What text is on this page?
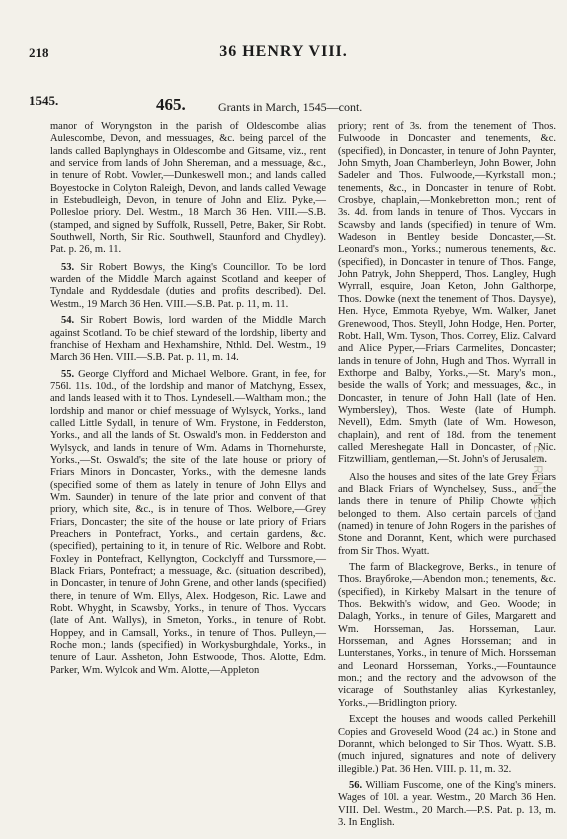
218	36 HENRY VIII.
1545.	465.	Grants in March, 1545—cont.

manor of Woryngston in the parish of Oldescombe alias Aulescombe, Devon, and messuages, &c. being parcel of the lands called Baplynghays in Oldescombe and Gitsame, viz., rent and service from lands of John Shereman, and a messuage, &c., in tenure of Robt. Vowler,—Dunkeswell mon.; and lands called Boyestocke in Colyton Raleigh, Devon, and lands called Vewage in Estebudleigh, Devon, in tenure of John and Eliz. Pyke,—Pollesloe priory. Del. Westm., 18 March 36 Hen. VIII.—S.B. (stamped, and signed by Suffolk, Russell, Petre, Baker, Sir Robt. Southwell, North, Sir Ric. Southwell, Staunford and Chydley). Pat. p. 26, m. 11.

53. Sir Robert Bowys, the King's Councillor. To be lord warden of the Middle March against Scotland and keeper of Tyndale and Ryddesdale (duties and profits described). Del. Westm., 19 March 36 Hen. VIII.—S.B. Pat. p. 11, m. 11.

54. Sir Robert Bowis, lord warden of the Middle March against Scotland. To be chief steward of the lordship, liberty and franchise of Hexham and Hexhamshire, Nthld. Del. Westm., 19 March 36 Hen. VIII.—S.B. Pat. p. 11, m. 14.

55. George Clyfford and Michael Welbore. Grant, in fee, for 756l. 11s. 10d., of the lordship and manor of Matchyng, Essex, and lands leased with it to Thos. Lyndesell.—Waltham mon.; the lordship and manor or chief messuage of Wylsyck, Yorks., land called Little Sydall, in tenure of Wm. Frystone, in Fedderston, Yorks., and all the lands of St. Oswald's mon. in Fedderston and Wylsyck, and lands in tenure of Wm. Adams in Thornehurste, Yorks.,—St. Oswald's; the site of the late house or priory of Friars Minors in Doncaster, Yorks., with the demesne lands (specified some of them as lately in tenure of John Ellys and Wm. Saunder) in tenure of the late prior and convent of that priory, which site, &c., is in tenure of Thos. Welbore,—Grey Friars, Doncaster; the site of the house or late priory of Friars Preachers in Pontefract, Yorks., and certain gardens, &c. (specified), pertaining to it, in tenure of Ric. Welbore and Robt. Foxley in Pontefract, Kellyngton, Cockclyff and Turssmore,—Black Friars, Pontefract; a messuage, &c. (situation described), in Doncaster, in tenure of John Grene, and other lands (specified) there, in tenure of Wm. Ellys, Alex. Hodgeson, Ric. Lawe and Robt. Whyght, in Scawsby, Yorks., in tenure of Thos. Vyccars (late of Ant. Wallys), in Smeton, Yorks., in tenure of Robt. Hoppey, and in Camsall, Yorks., in tenure of Thos. Pulleyn,—Roche mon.; lands (specified) in Workysburghdale, Yorks., in tenure of Laur. Assheton, John Estwoode, Thos. Alotte, Edm. Parker, Wm. Wylcok and Wm. Alotte,—Appleton

priory; rent of 3s. from the tenement of Thos. Fulwoode in Doncaster and tenements, &c. (specified), in Doncaster, in tenure of John Paynter, John Smyth, Joan Chamberleyn, John Bower, John Sadeler and Thos. Fulwoode,—Kyrkstall mon.; tenements, &c., in Doncaster in tenure of Robt. Crosbye, chaplain,—Monkebretton mon.; rent of 3s. 4d. from lands in tenure of Thos. Vyccars in Scawsby and lands (specified) in tenure of Wm. Wadeson in Bentley beside Doncaster,—St. Leonard's mon., Yorks.; numerous tenements, &c. (specified), in Doncaster in tenure of Thos. Fange, John Patryk, John Shepperd, Thos. Langley, Hugh Wyrrall, esquire, Joan Keton, John Galthorpe, Thos. Dowke (next the tenement of Thos. Daysye), Hen. Hyce, Emmota Ryebye, Wm. Walker, Janet Grenewood, Thos. Steyll, John Hodge, Hen. Porter, Robt. Hall, Wm. Tyson, Thos. Correy, Eliz. Calvard and Alice Pyper,—Friars Carmelites, Doncaster; lands in tenure of John, Hugh and Thos. Wyrrall in Exthorpe and Balby, Yorks.,—St. Mary's mon., beside the walls of York; and messuages, &c., in Doncaster, in tenure of John Hall (late of Hen. Wymbersley), Thos. Weste (late of Humph. Nevell), Edm. Smyth (late of Wm. Howeson, chaplain), and rent of 18d. from the tenement called Mereshegate Hall in Doncaster, of Nic. Fitzwilliam, gentleman,—St. John's of Jerusalem.

Also the houses and sites of the late Grey Friars and Black Friars of Wynchelsey, Suss., and the lands there in tenure of Philip Chowte which belonged to them. Also certain parcels of land (named) in tenure of John Rogers in the parishes of Stone and Dorannt, Kent, which were purchased from Sir Thos. Wyatt.

The farm of Blackegrove, Berks., in tenure of Thos. Brayбrоke,—Abendon mon.; tenements, &c. (specified), in Kirkeby Malsart in the tenure of Thos. Bekwith's widow, and Geo. Woode; in Dalagh, Yorks., in tenure of Giles, Margarett and Wm. Horsseman, Jas. Horsseman, Laur. Horsseman, and Agnes Horsseman; and in Lunterstanes, Yorks., in tenure of Mich. Horsseman and Leonard Horsseman, Yorks.,—Fountaunce mon.; and the rectory and the advowson of the vicarage of Southstanley alias Kyrkestanley, Yorks.,—Bridlington priory.

Except the houses and woods called Perkehill Copies and Groveseld Wood (24 ac.) in Stone and Dorannt, which belonged to Sir Thos. Wyatt. S.B. (much injured, signatures and note of delivery illegible.) Pat. 36 Hen. VIII. p. 11, m. 32.

56. William Fuscome, one of the King's miners. Wages of 10l. a year. Westm., 20 March 36 Hen. VIII. Del. Westm., 20 March.—P.S. Pat. p. 13, m. 3. In English.

EPRINTED
